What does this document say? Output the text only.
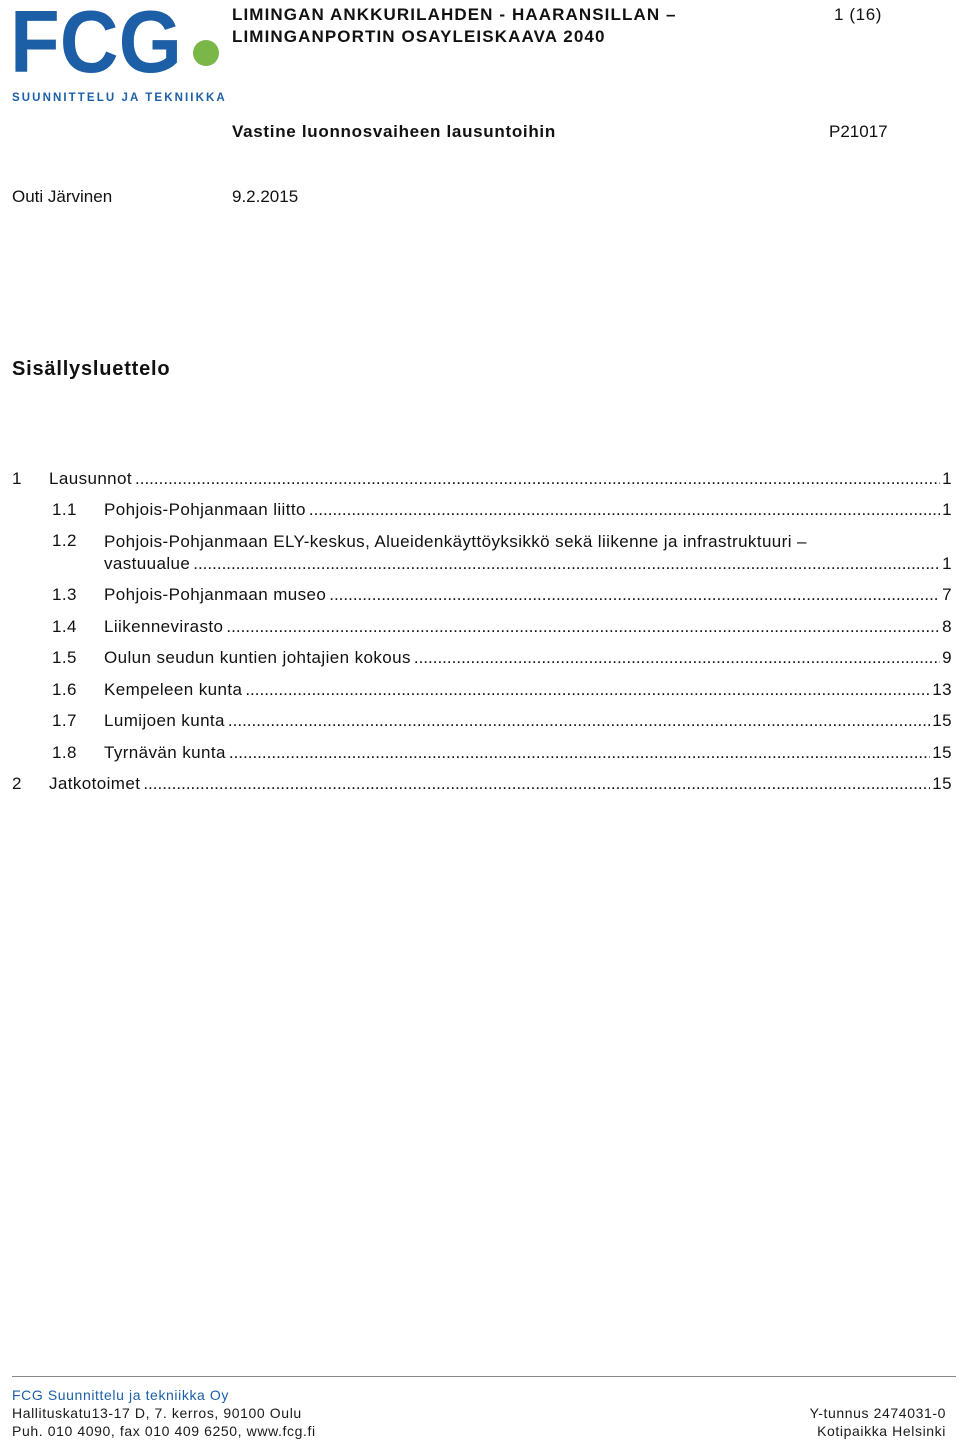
FCG
SUUNNITTELU JA TEKNIIKKA
LIMINGAN ANKKURILAHDEN - HAARANSILLAN –
LIMINGANPORTIN OSAYLEISKAAVA 2040
1 (16)
Vastine luonnosvaiheen lausuntoihin	P21017
Outi Järvinen	9.2.2015
Sisällysluettelo
1 Lausunnot .....	1
1.1 Pohjois-Pohjanmaan liitto .....	1
1.2 Pohjois-Pohjanmaan ELY-keskus, Alueidenkäyttöyksikkö sekä liikenne ja infrastruktuuri –
vastuualue .....	1
1.3 Pohjois-Pohjanmaan museo .....	7
1.4 Liikennevirasto .....	8
1.5 Oulun seudun kuntien johtajien kokous .....	9
1.6 Kempeleen kunta .....	13
1.7 Lumijoen kunta .....	15
1.8 Tyrnävän kunta .....	15
2 Jatkotoimet .....	15
FCG Suunnittelu ja tekniikka Oy
Hallituskatu13-17 D, 7. kerros, 90100 Oulu
Puh. 010 4090, fax 010 409 6250, www.fcg.fi
Y-tunnus 2474031-0
Kotipaikka Helsinki
